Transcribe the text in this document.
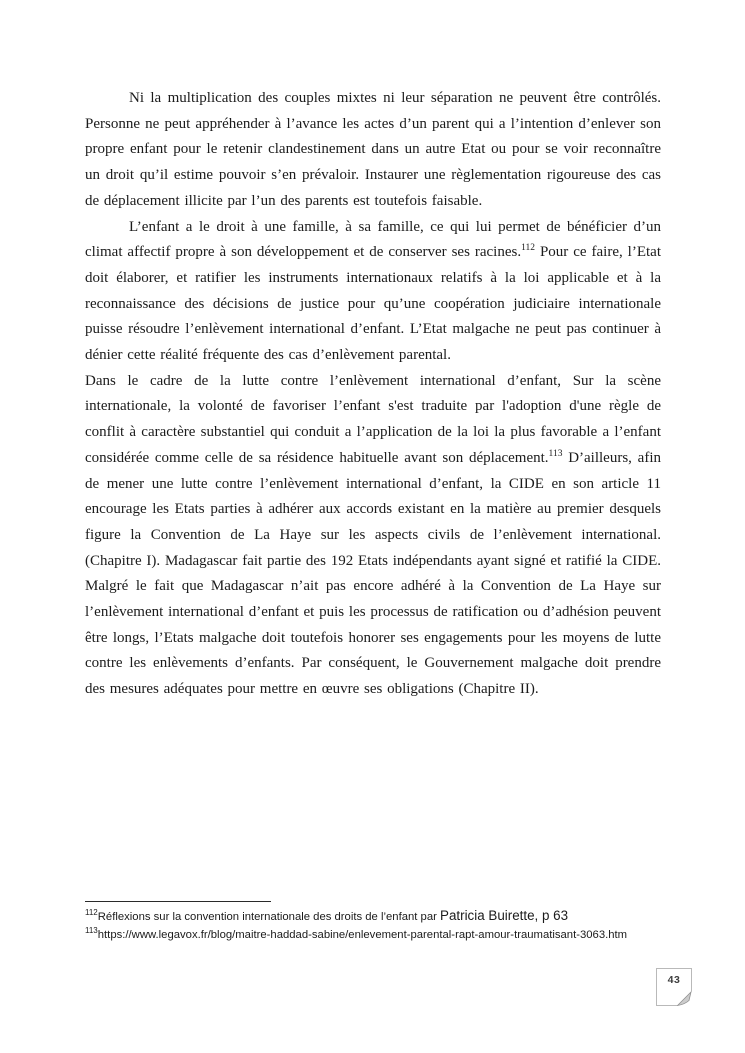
Ni la multiplication des couples mixtes ni leur séparation ne peuvent être contrôlés. Personne ne peut appréhender à l’avance les actes d’un parent qui a l’intention d’enlever son propre enfant pour le retenir clandestinement dans un autre Etat ou pour se voir reconnaître un droit qu’il estime pouvoir s’en prévaloir. Instaurer une règlementation rigoureuse des cas de déplacement illicite par l’un des parents est toutefois faisable.

L’enfant a le droit à une famille, à sa famille, ce qui lui permet de bénéficier d’un climat affectif propre à son développement et de conserver ses racines.$^{112}$ Pour ce faire, l’Etat doit élaborer, et ratifier les instruments internationaux relatifs à la loi applicable et à la reconnaissance des décisions de justice pour qu’une coopération judiciaire internationale puisse résoudre l’enlèvement international d’enfant. L’Etat malgache ne peut pas continuer à dénier cette réalité fréquente des cas d’enlèvement parental.

Dans le cadre de la lutte contre l’enlèvement international d’enfant, Sur la scène internationale, la volonté de favoriser l’enfant s'est traduite par l'adoption d'une règle de conflit à caractère substantiel qui conduit a l’application de la loi la plus favorable a l’enfant considérée comme celle de sa résidence habituelle avant son déplacement.$^{113}$ D’ailleurs, afin de mener une lutte contre l’enlèvement international d’enfant, la CIDE en son article 11 encourage les Etats parties à adhérer aux accords existant en la matière au premier desquels figure la Convention de La Haye sur les aspects civils de l’enlèvement international. (Chapitre I). Madagascar fait partie des 192 Etats indépendants ayant signé et ratifié la CIDE. Malgré le fait que Madagascar n’ait pas encore adhéré à la Convention de La Haye sur l’enlèvement international d’enfant et puis les processus de ratification ou d’adhésion peuvent être longs, l’Etats malgache doit toutefois honorer ses engagements pour les moyens de lutte contre les enlèvements d’enfants. Par conséquent, le Gouvernement malgache doit prendre des mesures adéquates pour mettre en œuvre ses obligations (Chapitre II).

$^{112}$Réflexions sur la convention internationale des droits de l’enfant par Patricia Buirette, p 63
$^{113}$https://www.legavox.fr/blog/maitre-haddad-sabine/enlevement-parental-rapt-amour-traumatisant-3063.htm
43
